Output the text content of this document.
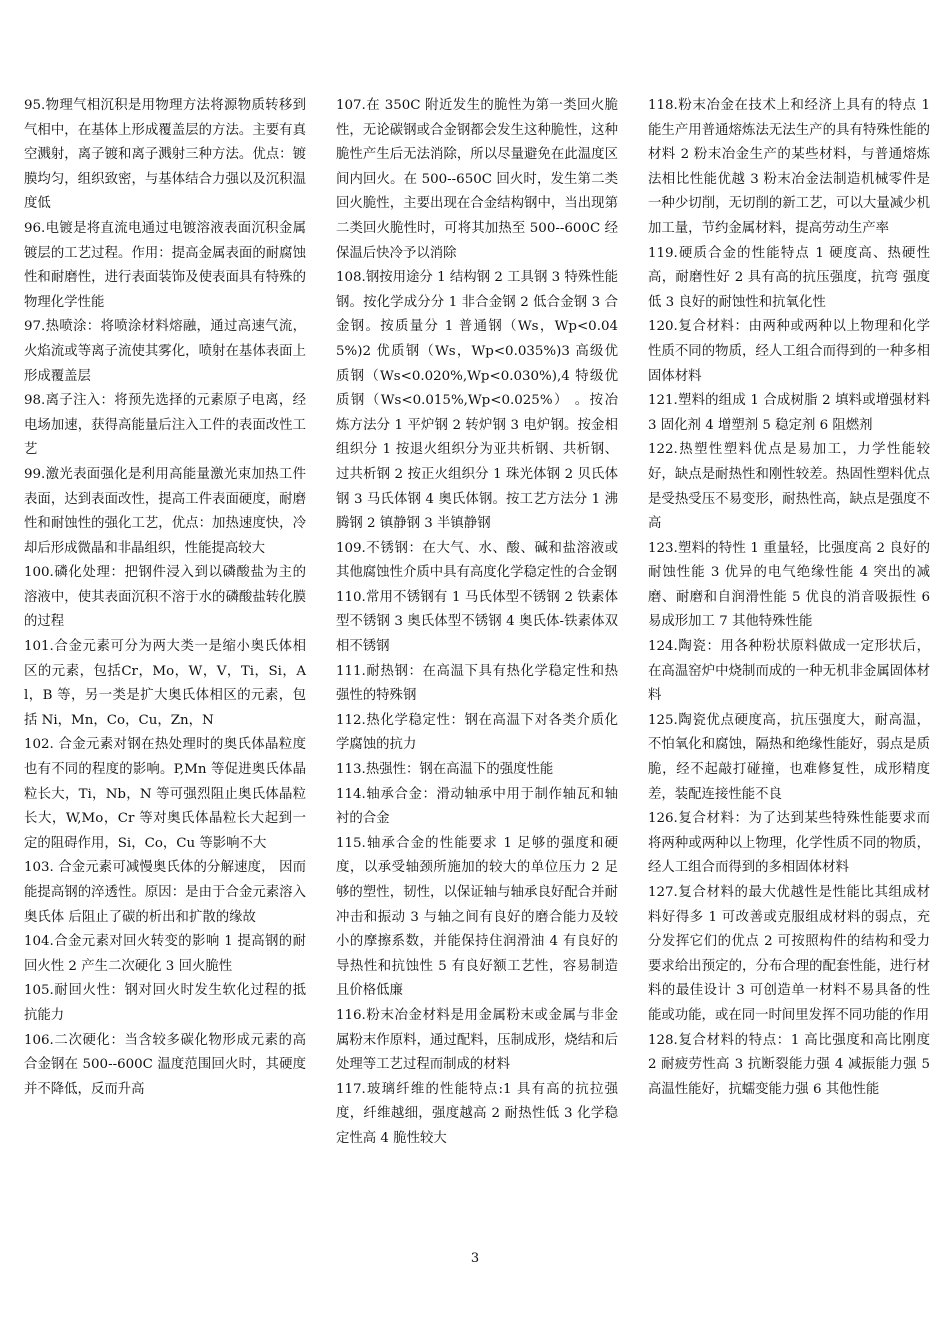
95.物理气相沉积是用物理方法将源物质转移到气相中，在基体上形成覆盖层的方法。主要有真空溅射，离子镀和离子溅射三种方法。优点：镀膜均匀，组织致密，与基体结合力强以及沉积温度低

96.电镀是将直流电通过电镀溶液表面沉积金属镀层的工艺过程。作用：提高金属表面的耐腐蚀性和耐磨性，进行表面装饰及使表面具有特殊的物理化学性能

97.热喷涂：将喷涂材料熔融，通过高速气流，火焰流或等离子流使其雾化，喷射在基体表面上形成覆盖层

98.离子注入：将预先选择的元素原子电离，经电场加速，获得高能量后注入工件的表面改性工艺

99.激光表面强化是利用高能量激光束加热工件表面，达到表面改性，提高工件表面硬度，耐磨性和耐蚀性的强化工艺，优点：加热速度快，冷却后形成微晶和非晶组织，性能提高较大

100.磷化处理：把钢件浸入到以磷酸盐为主的溶液中，使其表面沉积不溶于水的磷酸盐转化膜的过程

101.合金元素可分为两大类一是缩小奥氏体相区的元素，包括Cr，Mo，W，V，Ti，Si，Al，B 等，另一类是扩大奥氏体相区的元素，包括 Ni，Mn，Co，Cu，Zn，N

102. 合金元素对钢在热处理时的奥氏体晶粒度也有不同的程度的影响。P,Mn 等促进奥氏体晶粒长大，Ti，Nb，N 等可强烈阻止奥氏体晶粒长大，W,Mo，Cr 等对奥氏体晶粒长大起到一定的阻碍作用，Si，Co，Cu 等影响不大

103. 合金元素可减慢奥氏体的分解速度， 因而能提高钢的淬透性。原因：是由于合金元素溶入奥氏体 后阻止了碳的析出和扩散的缘故

104.合金元素对回火转变的影响 1 提高钢的耐回火性 2 产生二次硬化 3 回火脆性

105.耐回火性：钢对回火时发生软化过程的抵抗能力

106.二次硬化：当含较多碳化物形成元素的高合金钢在 500--600C 温度范围回火时，其硬度并不降低，反而升高

107.在 350C 附近发生的脆性为第一类回火脆性，无论碳钢或合金钢都会发生这种脆性，这种脆性产生后无法消除，所以尽量避免在此温度区间内回火。在 500--650C 回火时，发生第二类回火脆性，主要出现在合金结构钢中，当出现第二类回火脆性时，可将其加热至 500--600C 经保温后快冷予以消除

108.钢按用途分 1 结构钢 2 工具钢 3 特殊性能钢。按化学成分分 1 非合金钢 2 低合金钢 3 合金钢。按质量分 1 普通钢（Ws，Wp<0.045%)2 优质钢（Ws，Wp<0.035%)3 高级优质钢（Ws<0.020%,Wp<0.030%),4 特级优质钢（Ws<0.015%,Wp<0.025%） 。按冶炼方法分 1 平炉钢 2 转炉钢 3 电炉钢。按金相组织分 1 按退火组织分为亚共析钢、共析钢、过共析钢 2 按正火组织分 1 珠光体钢 2 贝氏体钢 3 马氏体钢 4 奥氏体钢。按工艺方法分 1 沸腾钢 2 镇静钢 3 半镇静钢

109.不锈钢：在大气、水、酸、碱和盐溶液或其他腐蚀性介质中具有高度化学稳定性的合金钢

110.常用不锈钢有 1 马氏体型不锈钢 2 铁素体型不锈钢 3 奥氏体型不锈钢 4 奥氏体-铁素体双相不锈钢

111.耐热钢：在高温下具有热化学稳定性和热强性的特殊钢

112.热化学稳定性：钢在高温下对各类介质化学腐蚀的抗力

113.热强性：钢在高温下的强度性能

114.轴承合金：滑动轴承中用于制作轴瓦和轴衬的合金

115.轴承合金的性能要求 1 足够的强度和硬度，以承受轴颈所施加的较大的单位压力 2 足够的塑性，韧性，以保证轴与轴承良好配合并耐冲击和振动 3 与轴之间有良好的磨合能力及较小的摩擦系数，并能保持住润滑油 4 有良好的导热性和抗蚀性 5 有良好额工艺性，容易制造且价格低廉

116.粉末冶金材料是用金属粉末或金属与非金属粉末作原料，通过配料，压制成形，烧结和后处理等工艺过程而制成的材料

117.玻璃纤维的性能特点:1 具有高的抗拉强度，纤维越细，强度越高 2 耐热性低 3 化学稳定性高 4 脆性较大

118.粉末冶金在技术上和经济上具有的特点 1 能生产用普通熔炼法无法生产的具有特殊性能的材料 2 粉末冶金生产的某些材料，与普通熔炼法相比性能优越 3 粉末冶金法制造机械零件是一种少切削，无切削的新工艺，可以大量减少机加工量，节约金属材料，提高劳动生产率

119.硬质合金的性能特点 1 硬度高、热硬性高，耐磨性好 2 具有高的抗压强度，抗弯 强度低 3 良好的耐蚀性和抗氧化性

120.复合材料：由两种或两种以上物理和化学性质不同的物质，经人工组合而得到的一种多相固体材料

121.塑料的组成 1 合成树脂 2 填料或增强材料 3 固化剂 4 增塑剂 5 稳定剂 6 阻燃剂

122.热塑性塑料优点是易加工，力学性能较好，缺点是耐热性和刚性较差。热固性塑料优点是受热受压不易变形，耐热性高，缺点是强度不高

123.塑料的特性 1 重量轻，比强度高 2 良好的耐蚀性能 3 优异的电气绝缘性能 4 突出的减磨、耐磨和自润滑性能 5 优良的消音吸振性 6 易成形加工 7 其他特殊性能

124.陶瓷：用各种粉状原料做成一定形状后，在高温窑炉中烧制而成的一种无机非金属固体材料

125.陶瓷优点硬度高，抗压强度大，耐高温，不怕氧化和腐蚀，隔热和绝缘性能好，弱点是质脆，经不起敲打碰撞，也难修复性，成形精度差，装配连接性能不良

126.复合材料：为了达到某些特殊性能要求而将两种或两种以上物理，化学性质不同的物质，经人工组合而得到的多相固体材料

127.复合材料的最大优越性是性能比其组成材料好得多 1 可改善或克服组成材料的弱点，充分发挥它们的优点 2 可按照构件的结构和受力要求给出预定的，分布合理的配套性能，进行材料的最佳设计 3 可创造单一材料不易具备的性能或功能，或在同一时间里发挥不同功能的作用

128.复合材料的特点：1 高比强度和高比刚度 2 耐疲劳性高 3 抗断裂能力强 4 减振能力强 5 高温性能好，抗蠕变能力强 6 其他性能

3
